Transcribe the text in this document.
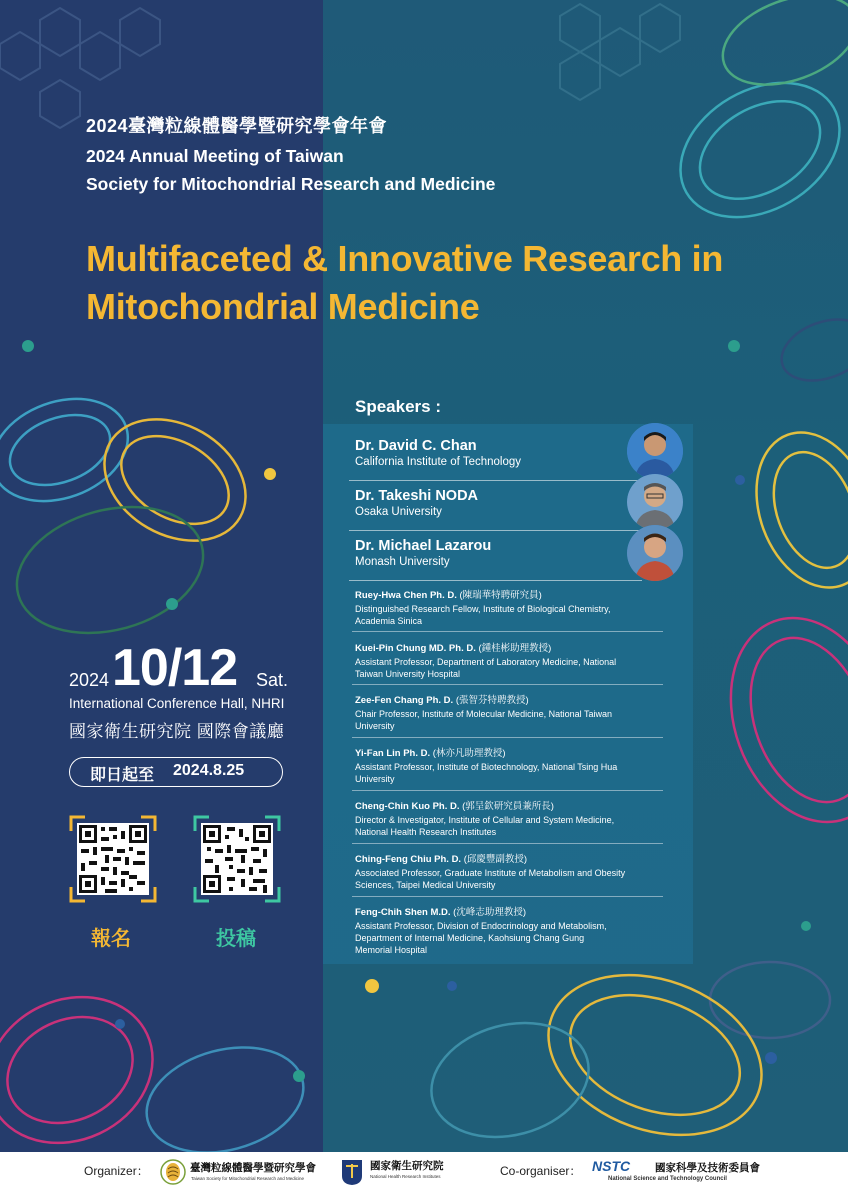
2024臺灣粒線體醫學暨研究學會年會
2024 Annual Meeting of Taiwan
Society for Mitochondrial Research and Medicine
Multifaceted & Innovative Research in
Mitochondrial Medicine
Speakers :
Dr. David C. Chan
California Institute of Technology
Dr. Takeshi NODA
Osaka University
Dr. Michael Lazarou
Monash University
Ruey-Hwa Chen Ph. D. (陳瑞華特聘研究員)
Distinguished Research Fellow, Institute of Biological Chemistry,
Academia Sinica
Kuei-Pin Chung MD. Ph. D. (鍾桂彬助理教授)
Assistant Professor, Department of Laboratory Medicine, National
Taiwan University Hospital
Zee-Fen Chang Ph. D. (張智芬特聘教授)
Chair Professor, Institute of Molecular Medicine, National Taiwan
University
Yi-Fan Lin Ph. D. (林亦凡助理教授)
Assistant Professor, Institute of Biotechnology, National Tsing Hua
University
Cheng-Chin Kuo Ph. D. (郭呈欽研究員兼所長)
Director & Investigator, Institute of Cellular and System Medicine,
National Health Research Institutes
Ching-Feng Chiu Ph. D. (邱慶豐副教授)
Associated Professor, Graduate Institute of Metabolism and Obesity
Sciences, Taipei Medical University
Feng-Chih Shen M.D. (沈峰志助理教授)
Assistant Professor, Division of Endocrinology and Metabolism,
Department of Internal Medicine, Kaohsiung Chang Gung
Memorial Hospital
2024 10/12 Sat.
International Conference Hall, NHRI
國家衛生研究院 國際會議廳
即日起至 2024.8.25
報名	投稿
Organizer：	臺灣粒線體醫學暨研究學會
Taiwan Society for Mitochondrial Research and Medicine
國家衛生研究院
National Health Research Institutes	Co-organiser： NSTC 國家科學及技術委員會
National Science and Technology Council
